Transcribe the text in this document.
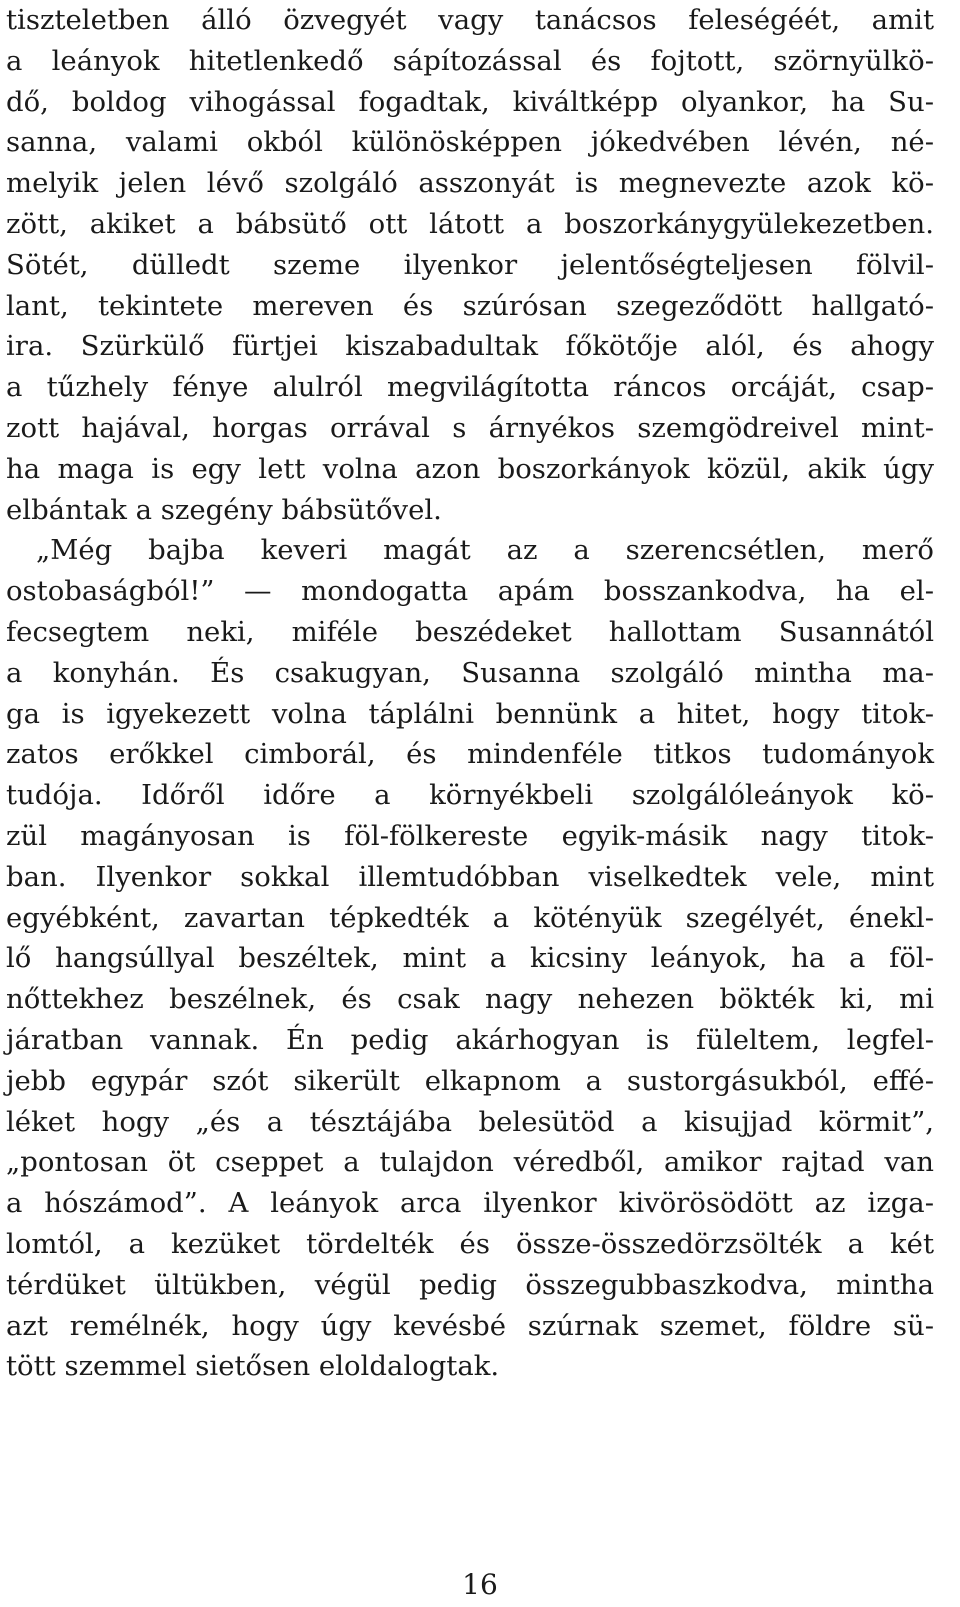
tiszteletben álló özvegyét vagy tanácsos feleségéét, amit
a leányok hitetlenkedő sápítozással és fojtott, szörnyülkö-
dő, boldog vihogással fogadtak, kiváltképp olyankor, ha Su-
sanna, valami okból különösképpen jókedvében lévén, né-
melyik jelen lévő szolgáló asszonyát is megnevezte azok kö-
zött, akiket a bábsütő ott látott a boszorkánygyülekezetben.
Sötét, dülledt szeme ilyenkor jelentőségteljesen fölvil-
lant, tekintete mereven és szúrósan szegeződött hallgató-
ira. Szürkülő fürtjei kiszabadultak főkötője alól, és ahogy
a tűzhely fénye alulról megvilágította ráncos orcáját, csap-
zott hajával, horgas orrával s árnyékos szemgödreivel mint-
ha maga is egy lett volna azon boszorkányok közül, akik úgy
elbántak a szegény bábsütővel.
„Még bajba keveri magát az a szerencsétlen, merő
ostobaságból!” — mondogatta apám bosszankodva, ha el-
fecsegtem neki, miféle beszédeket hallottam Susannától
a konyhán. És csakugyan, Susanna szolgáló mintha ma-
ga is igyekezett volna táplálni bennünk a hitet, hogy titok-
zatos erőkkel cimborál, és mindenféle titkos tudományok
tudója. Időről időre a környékbeli szolgálóleányok kö-
zül magányosan is föl-fölkereste egyik-másik nagy titok-
ban. Ilyenkor sokkal illemtudóbban viselkedtek vele, mint
egyébként, zavartan tépkedték a kötényük szegélyét, énekl-
lő hangsúllyal beszéltek, mint a kicsiny leányok, ha a föl-
nőttekhez beszélnek, és csak nagy nehezen bökték ki, mi
járatban vannak. Én pedig akárhogyan is füleltem, legfel-
jebb egypár szót sikerült elkapnom a sustorgásukból, effé-
léket hogy „és a tésztájába belesütöd a kisujjad körmit”,
„pontosan öt cseppet a tulajdon véredből, amikor rajtad van
a hószámod”. A leányok arca ilyenkor kivörösödött az izga-
lomtól, a kezüket tördelték és össze-összedörzsölték a két
térdüket ültükben, végül pedig összegubbaszkodva, mintha
azt remélnék, hogy úgy kevésbé szúrnak szemet, földre sü-
tött szemmel sietősen eloldalogtak.
16
